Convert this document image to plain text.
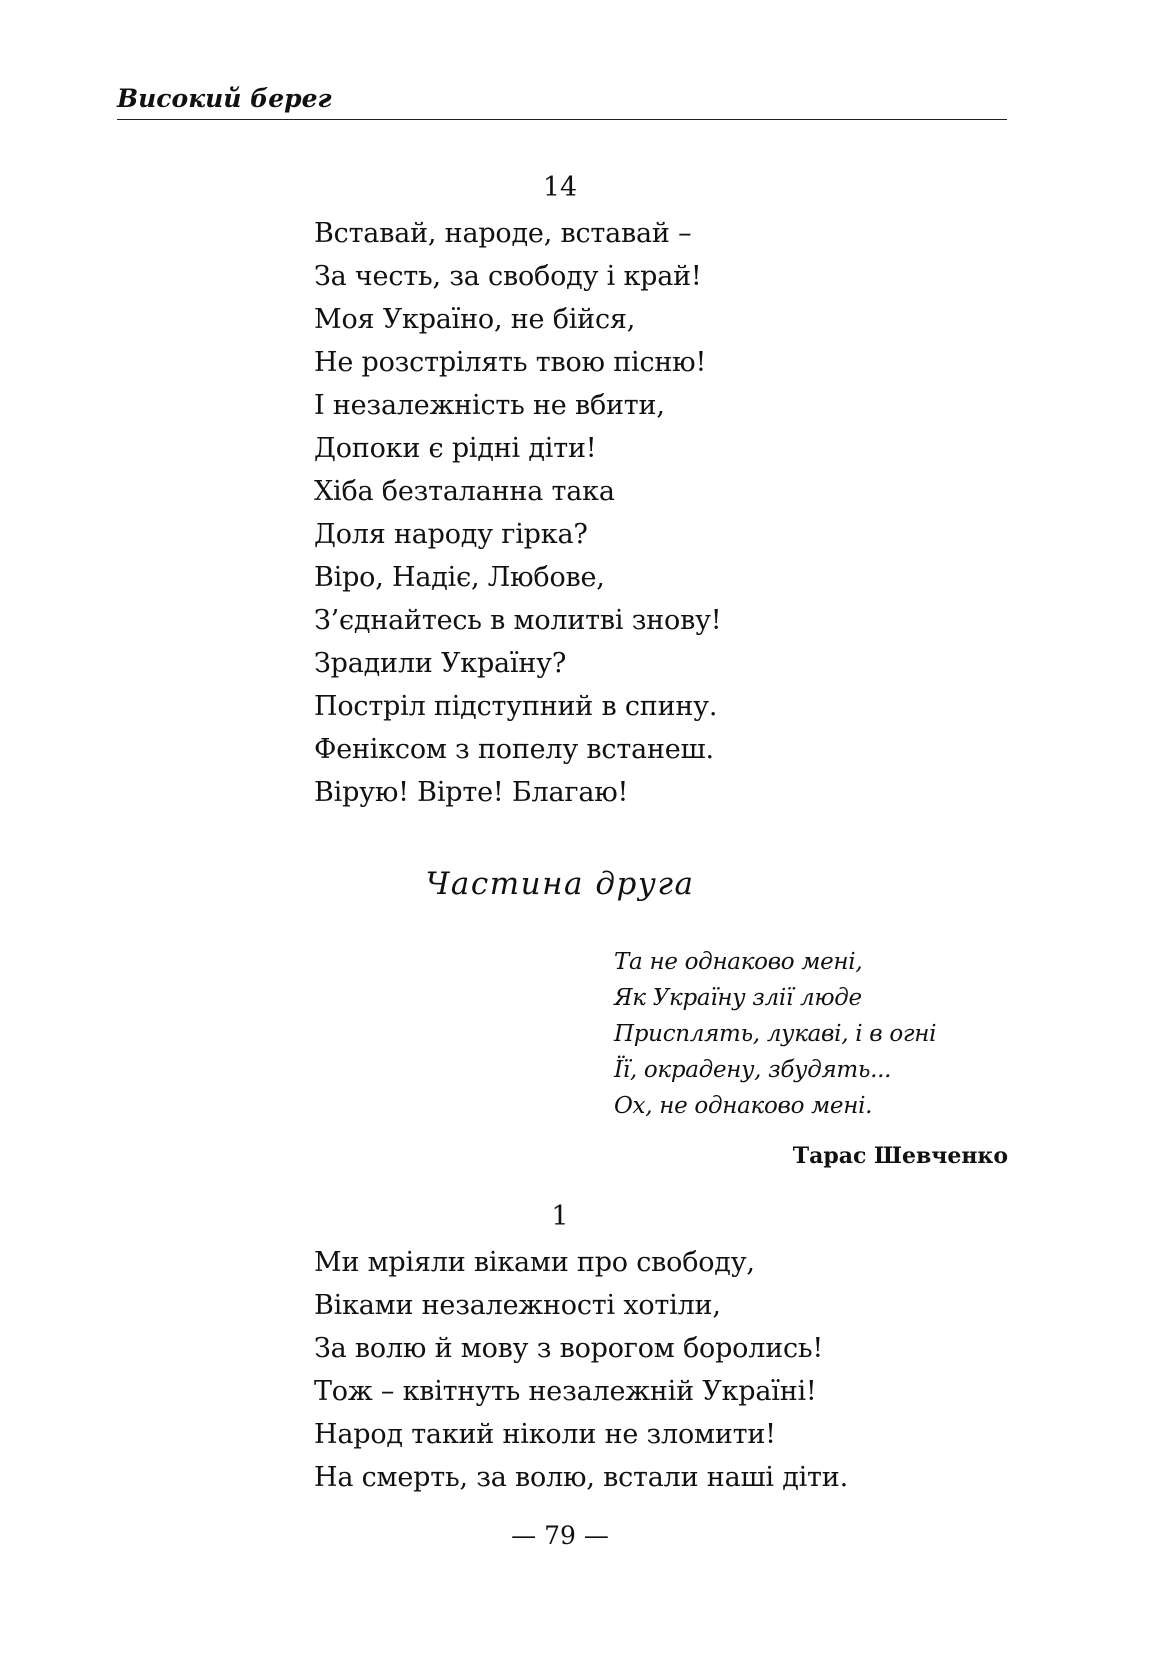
Високий берег
14
Вставай, народе, вставай –
За честь, за свободу і край!
Моя Україно, не бійся,
Не розстрілять твою пісню!
І незалежність не вбити,
Допоки є рідні діти!
Хіба безталанна така
Доля народу гірка?
Віро, Надіє, Любове,
З’єднайтесь в молитві знову!
Зрадили Україну?
Постріл підступний в спину.
Феніксом з попелу встанеш.
Вірую! Вірте! Благаю!
Частина друга
Та не однаково мені,
Як Україну злії люде
Присплять, лукаві, і в огні
Її, окрадену, збудять...
Ох, не однаково мені.
Тарас Шевченко
1
Ми мріяли віками про свободу,
Віками незалежності хотіли,
За волю й мову з ворогом боролись!
Тож – квітнуть незалежній Україні!
Народ такий ніколи не зломити!
На смерть, за волю, встали наші діти.
— 79 —
